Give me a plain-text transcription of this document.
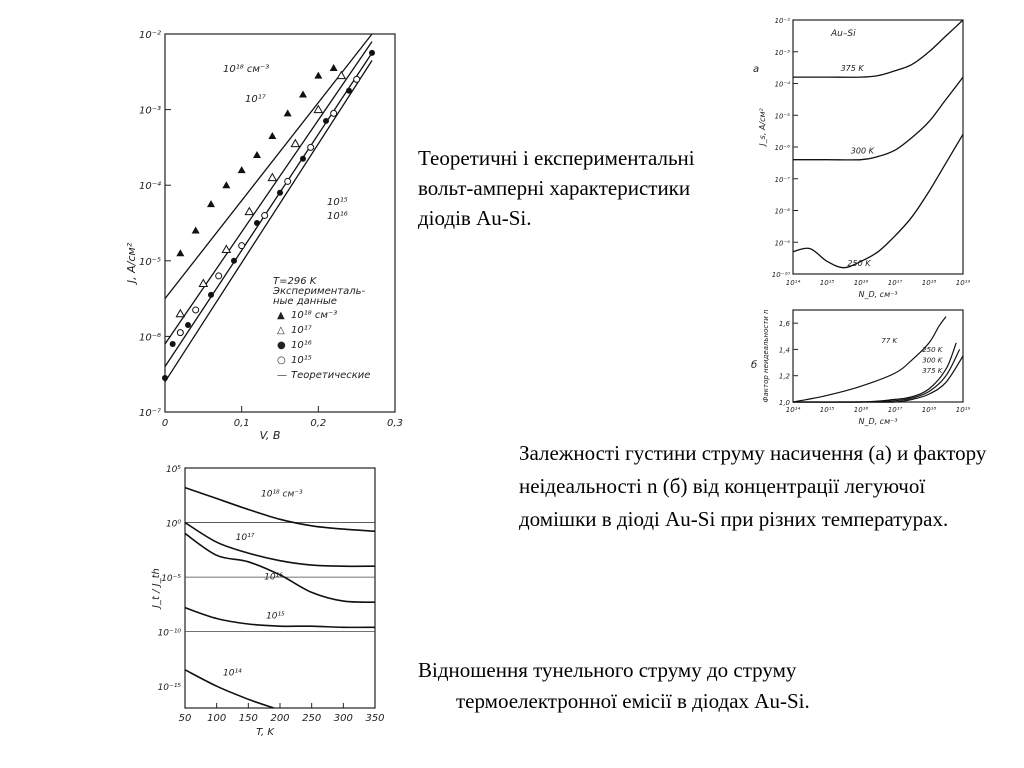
10⁻⁷
10⁻⁶
10⁻⁵
10⁻⁴
10⁻³
10⁻²
0	0,1	0,2	0,3
V, В
J, А/см²
10¹⁸ см⁻³
10¹⁷
10¹⁵
10¹⁶
T=296 K
Эксперименталь-
ные данные
▲ 10¹⁸ см⁻³
△ 10¹⁷
● 10¹⁶
○ 10¹⁵
— Теоретические
10⁻²
10⁻³
10⁻⁴
10⁻⁵
10⁻⁶
10⁻⁷
10⁻⁸
10⁻⁹
10⁻¹⁰
10¹⁴	10¹⁵	10¹⁶	10¹⁷	10¹⁸	10¹⁹
N_D, см⁻³
J_s, А/см²
а
Au–Si
375 K
300 K
250 K
1,0
1,2
1,4
1,6
10¹⁴	10¹⁵	10¹⁶	10¹⁷	10¹⁸	10¹⁹
N_D, см⁻³
Фактор неидеальности n
б
77 K
250 K
300 K
375 K
10⁵
10⁰
10⁻⁵
10⁻¹⁰
10⁻¹⁵
50 100 150 200 250 300 350
T, K
J_t / J_th
10¹⁸ см⁻³
10¹⁷
10¹⁶
10¹⁵
10¹⁴
Теоретичні і експериментальні вольт-амперні характеристики діодів Au-Si.
Залежності густини струму насичення (а) и фактору неідеальності n (б) від концентрації легуючої домішки в діоді Au-Si при різних температурах.
Відношення тунельного струму до струму
термоелектронної емісії в діодах Au-Si.
